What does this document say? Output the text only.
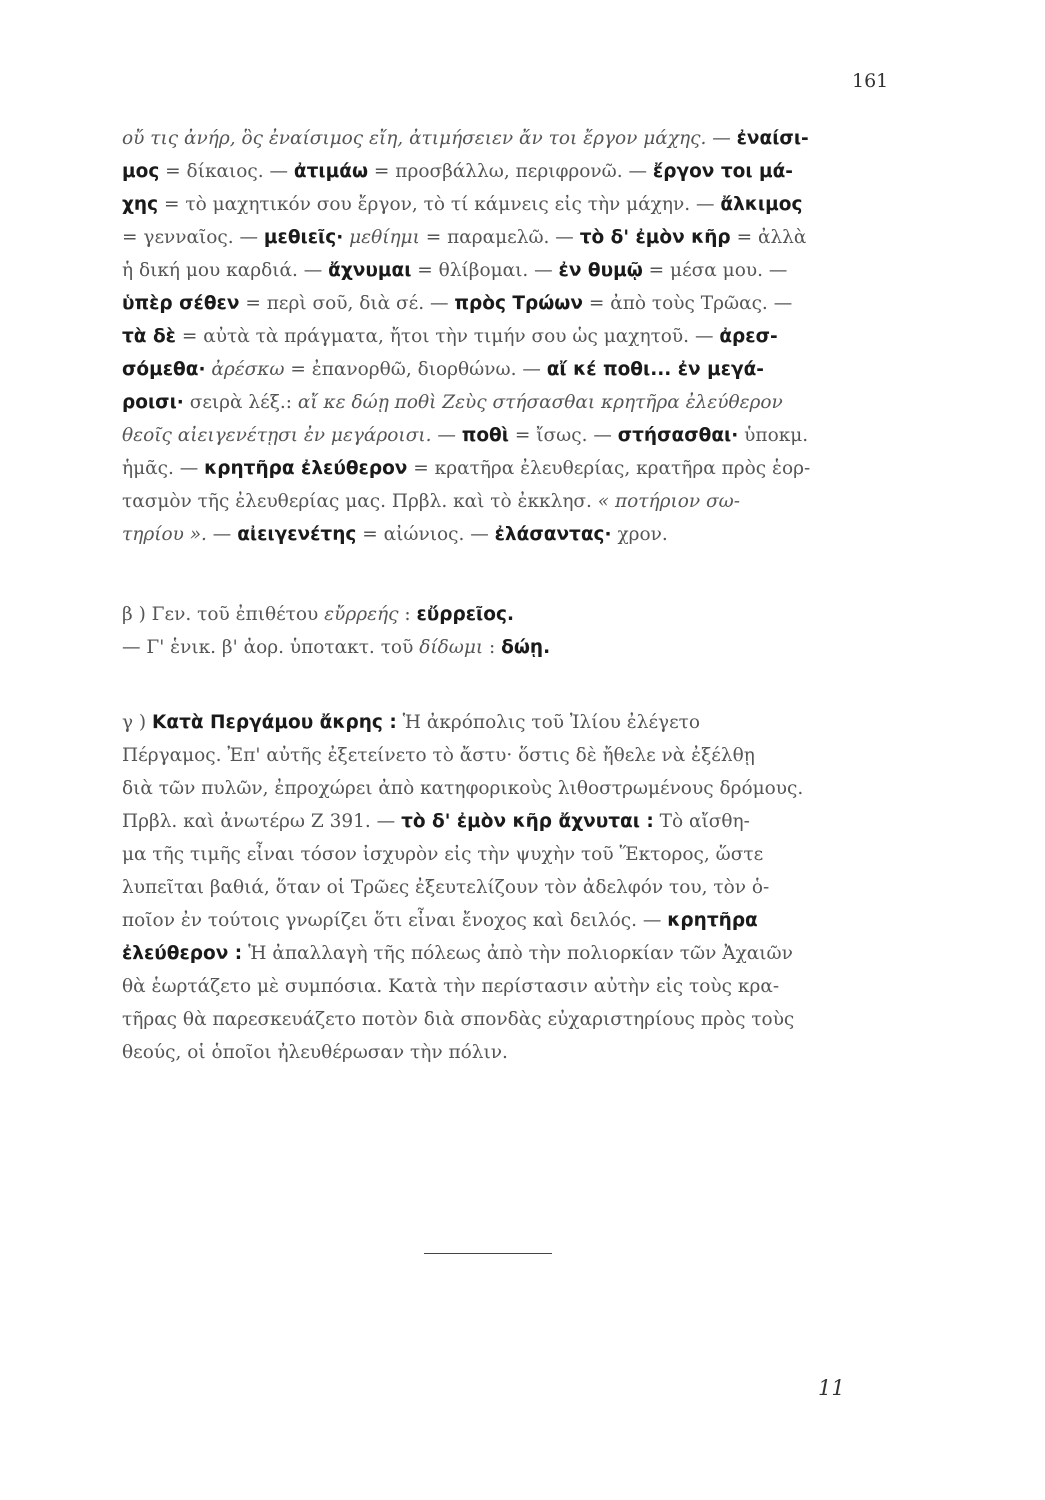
161
οὔ τις ἀνήρ, ὃς ἐναίσιμος εἴη, ἀτιμήσειεν ἄν τοι ἔργον μάχης. — ἐναίσι-
μος = δίκαιος. — ἀτιμάω = προσβάλλω, περιφρονῶ. — ἔργον τοι μά-
χης = τὸ μαχητικόν σου ἔργον, τὸ τί κάμνεις εἰς τὴν μάχην. — ἄλκιμος
= γενναῖος. — μεθιεῖς· μεθίημι = παραμελῶ. — τὸ δ' ἐμὸν κῆρ = ἀλλὰ
ἡ δική μου καρδιά. — ἄχνυμαι = θλίβομαι. — ἐν θυμῷ = μέσα μου. —
ὑπὲρ σέθεν = περὶ σοῦ, διὰ σέ. — πρὸς Τρώων = ἀπὸ τοὺς Τρῶας. —
τὰ δὲ = αὐτὰ τὰ πράγματα, ἤτοι τὴν τιμήν σου ὡς μαχητοῦ. — ἀρεσ-
σόμεθα· ἀρέσκω = ἐπανορθῶ, διορθώνω. — αἴ κέ ποθι... ἐν μεγά-
ροισι· σειρὰ λέξ.: αἴ κε δώῃ ποθὶ Ζεὺς στήσασθαι κρητῆρα ἐλεύθερον
θεοῖς αἰειγενέτῃσι ἐν μεγάροισι. — ποθὶ = ἴσως. — στήσασθαι· ὑποκμ.
ἡμᾶς. — κρητῆρα ἐλεύθερον = κρατῆρα ἐλευθερίας, κρατῆρα πρὸς ἑορ-
τασμὸν τῆς ἐλευθερίας μας. Πρβλ. καὶ τὸ ἐκκλησ. « ποτήριον σω-
τηρίου ». — αἰειγενέτης = αἰώνιος. — ἐλάσαντας· χρον.
β ) Γεν. τοῦ ἐπιθέτου εὔρρεής : εὔρρεῖος.
— Γ' ἑνικ. β' ἀορ. ὑποτακτ. τοῦ δίδωμι : δώῃ.
γ ) Κατὰ Περγάμου ἄκρης : Ἡ ἀκρόπολις τοῦ Ἰλίου ἐλέγετο
Πέργαμος. Ἐπ' αὐτῆς ἐξετείνετο τὸ ἄστυ· ὅστις δὲ ἤθελε νὰ ἐξέλθῃ
διὰ τῶν πυλῶν, ἐπροχώρει ἀπὸ κατηφορικοὺς λιθοστρωμένους δρόμους.
Πρβλ. καὶ ἀνωτέρω Ζ 391. — τὸ δ' ἐμὸν κῆρ ἄχνυται : Τὸ αἴσθη-
μα τῆς τιμῆς εἶναι τόσον ἰσχυρὸν εἰς τὴν ψυχὴν τοῦ Ἕκτορος, ὥστε
λυπεῖται βαθιά, ὅταν οἱ Τρῶες ἐξευτελίζουν τὸν ἀδελφόν του, τὸν ὁ-
ποῖον ἐν τούτοις γνωρίζει ὅτι εἶναι ἔνοχος καὶ δειλός. — κρητῆρα
ἐλεύθερον : Ἡ ἀπαλλαγὴ τῆς πόλεως ἀπὸ τὴν πολιορκίαν τῶν Ἀχαιῶν
θὰ ἑωρτάζετο μὲ συμπόσια. Κατὰ τὴν περίστασιν αὐτὴν εἰς τοὺς κρα-
τῆρας θὰ παρεσκευάζετο ποτὸν διὰ σπονδὰς εὐχαριστηρίους πρὸς τοὺς
θεούς, οἱ ὁποῖοι ἠλευθέρωσαν τὴν πόλιν.
11
